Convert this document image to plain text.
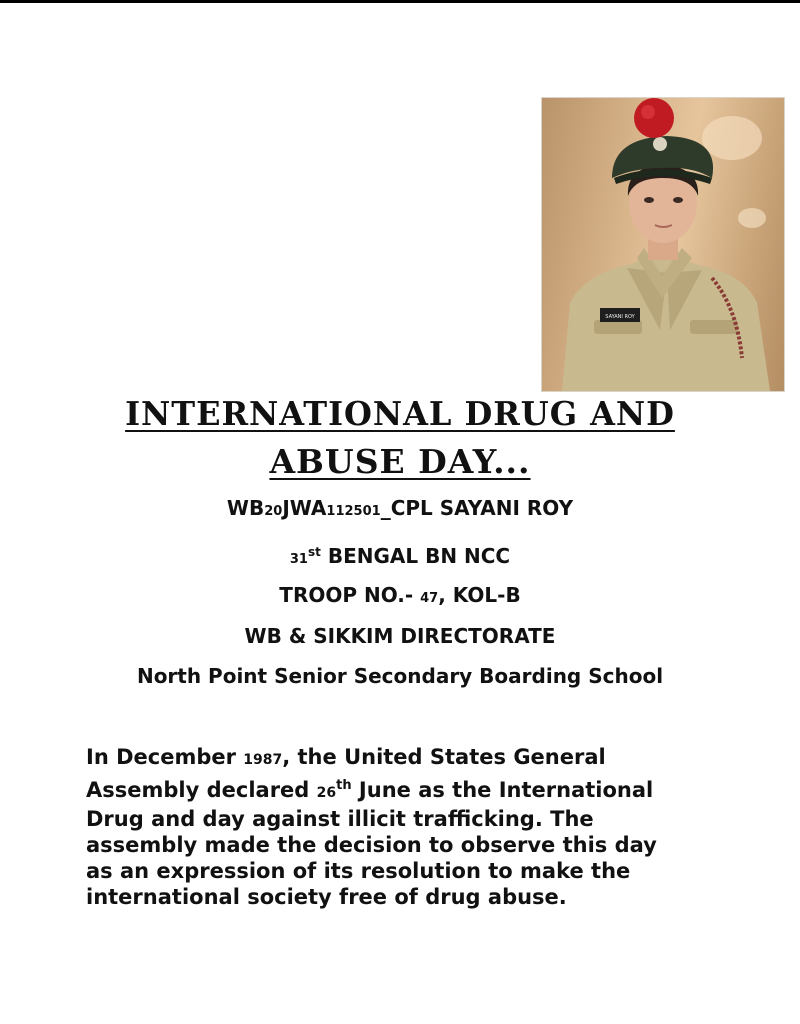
SAYANI ROY
INTERNATIONAL DRUG AND
ABUSE DAY...
WB20JWA112501_CPL SAYANI ROY
31st BENGAL BN NCC
TROOP NO.- 47, KOL-B
WB & SIKKIM DIRECTORATE
North Point Senior Secondary Boarding School
In December 1987, the United States General
Assembly declared 26th June as the International
Drug and day against illicit trafficking. The
assembly made the decision to observe this day
as an expression of its resolution to make the
international society free of drug abuse.
